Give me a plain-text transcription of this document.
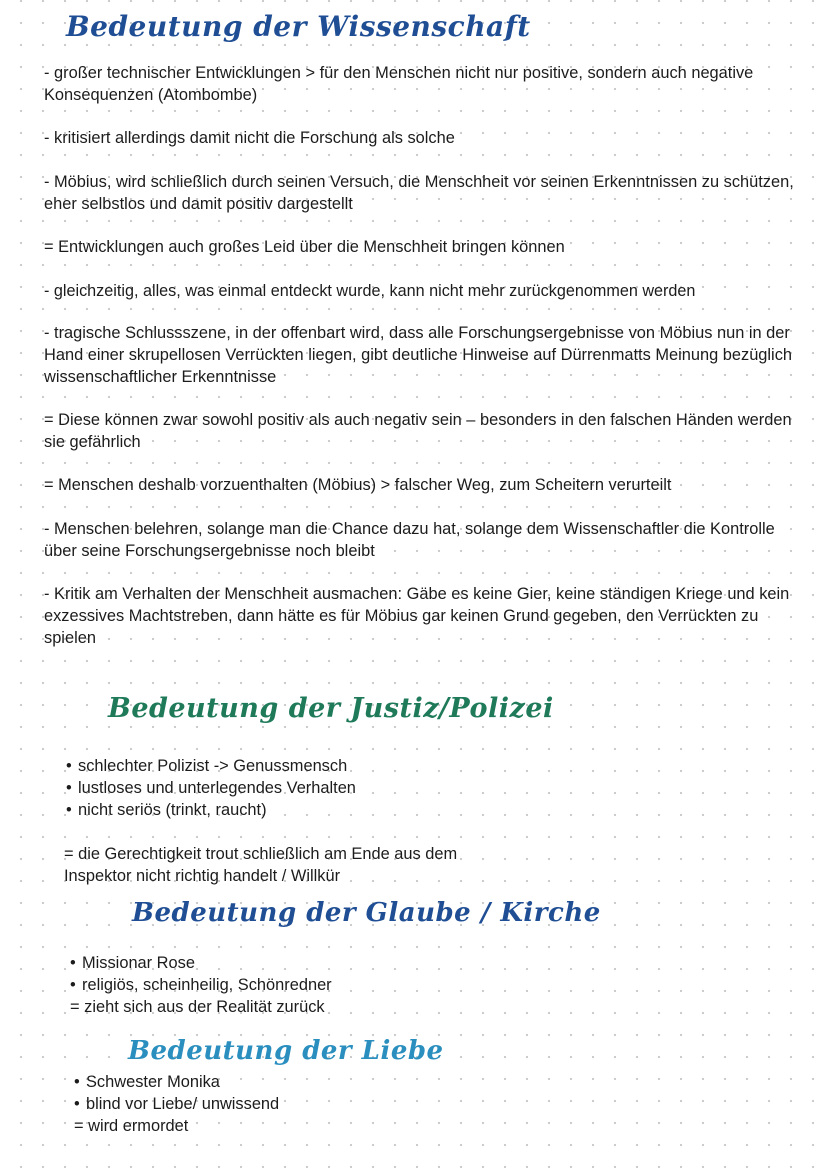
Bedeutung der Wissenschaft

- großer technischer Entwicklungen > für den Menschen nicht nur positive, sondern auch negative Konsequenzen (Atombombe)

- kritisiert allerdings damit nicht die Forschung als solche

- Möbius, wird schließlich durch seinen Versuch, die Menschheit vor seinen Erkenntnissen zu schützen, eher selbstlos und damit positiv dargestellt

= Entwicklungen auch großes Leid über die Menschheit bringen können

- gleichzeitig, alles, was einmal entdeckt wurde, kann nicht mehr zurückgenommen werden

- tragische Schlussszene, in der offenbart wird, dass alle Forschungsergebnisse von Möbius nun in der Hand einer skrupellosen Verrückten liegen, gibt deutliche Hinweise auf Dürrenmatts Meinung bezüglich wissenschaftlicher Erkenntnisse

= Diese können zwar sowohl positiv als auch negativ sein – besonders in den falschen Händen werden sie gefährlich

= Menschen deshalb vorzuenthalten (Möbius) > falscher Weg, zum Scheitern verurteilt

- Menschen belehren, solange man die Chance dazu hat, solange dem Wissenschaftler die Kontrolle über seine Forschungsergebnisse noch bleibt

- Kritik am Verhalten der Menschheit ausmachen: Gäbe es keine Gier, keine ständigen Kriege und kein exzessives Machtstreben, dann hätte es für Möbius gar keinen Grund gegeben, den Verrückten zu spielen

Bedeutung der Justiz/Polizei
• schlechter Polizist -> Genussmensch
• lustloses und unterlegendes Verhalten
• nicht seriös (trinkt, raucht)

= die Gerechtigkeit trout schließlich am Ende aus dem
Inspektor nicht richtig handelt / Willkür

Bedeutung der Glaube / Kirche
• Missionar Rose
• religiös, scheinheilig, Schönredner

= zieht sich aus der Realität zurück

Bedeutung der Liebe
• Schwester Monika
• blind vor Liebe/ unwissend

= wird ermordet
